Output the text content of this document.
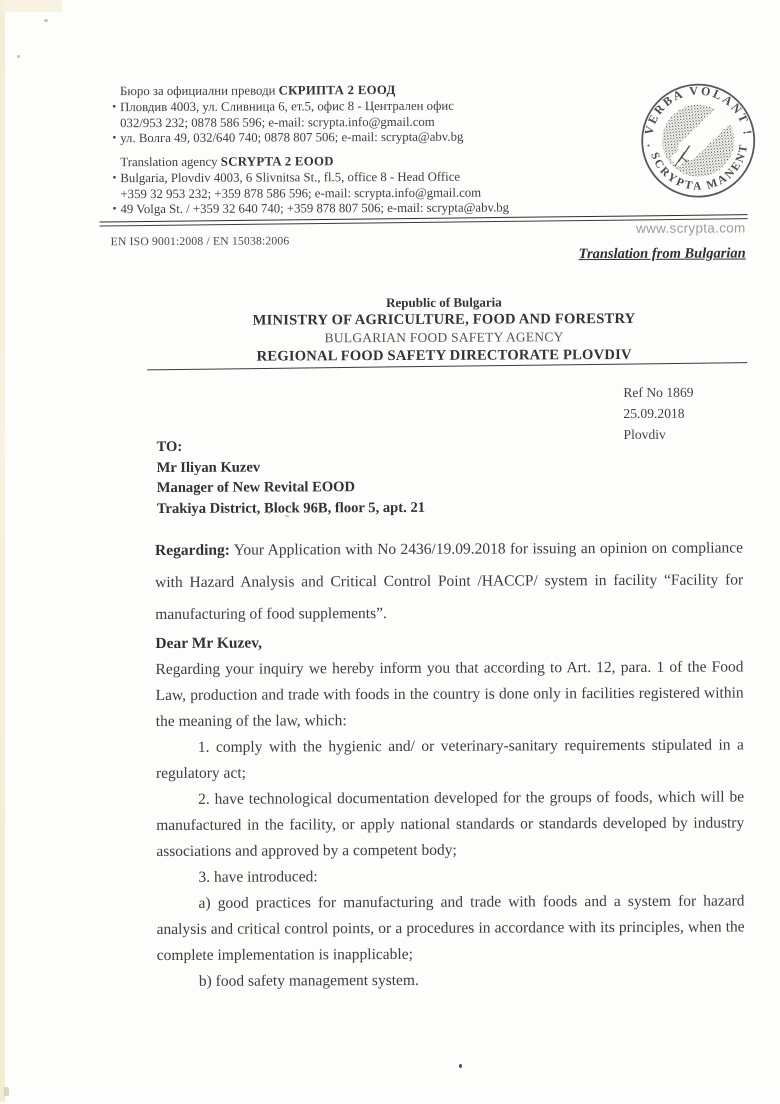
Бюро за официални преводи СКРИПТА 2 ЕООД
• Пловдив 4003, ул. Сливница 6, ет.5, офис 8 - Централен офис
032/953 232; 0878 586 596; e-mail: scrypta.info@gmail.com
• ул. Волга 49, 032/640 740; 0878 807 506; e-mail: scrypta@abv.bg
Translation agency SCRYPTA 2 EOOD
• Bulgaria, Plovdiv 4003, 6 Slivnitsa St., fl.5, office 8 - Head Office
+359 32 953 232; +359 878 586 596; e-mail: scrypta.info@gmail.com
• 49 Volga St. / +359 32 640 740; +359 878 807 506; e-mail: scrypta@abv.bg
· VERBA VOLANT !
SCRYPTA MANENT
www.scrypta.com
EN ISO 9001:2008 / EN 15038:2006
Translation from Bulgarian
Republic of Bulgaria
MINISTRY OF AGRICULTURE, FOOD AND FORESTRY
BULGARIAN FOOD SAFETY AGENCY
REGIONAL FOOD SAFETY DIRECTORATE PLOVDIV
Ref No 1869
25.09.2018
Plovdiv
TO:
Mr Iliyan Kuzev
Manager of New Revital EOOD
Trakiya District, Block 96B, floor 5, apt. 21

Regarding: Your Application with No 2436/19.09.2018 for issuing an opinion on compliance with Hazard Analysis and Critical Control Point /HACCP/ system in facility “Facility for manufacturing of food supplements”.

Dear Mr Kuzev,

Regarding your inquiry we hereby inform you that according to Art. 12, para. 1 of the Food Law, production and trade with foods in the country is done only in facilities registered within the meaning of the law, which:

1. comply with the hygienic and/ or veterinary-sanitary requirements stipulated in a regulatory act;

2. have technological documentation developed for the groups of foods, which will be manufactured in the facility, or apply national standards or standards developed by industry associations and approved by a competent body;

3. have introduced:

a) good practices for manufacturing and trade with foods and a system for hazard analysis and critical control points, or a procedures in accordance with its principles, when the complete implementation is inapplicable;

b) food safety management system.
